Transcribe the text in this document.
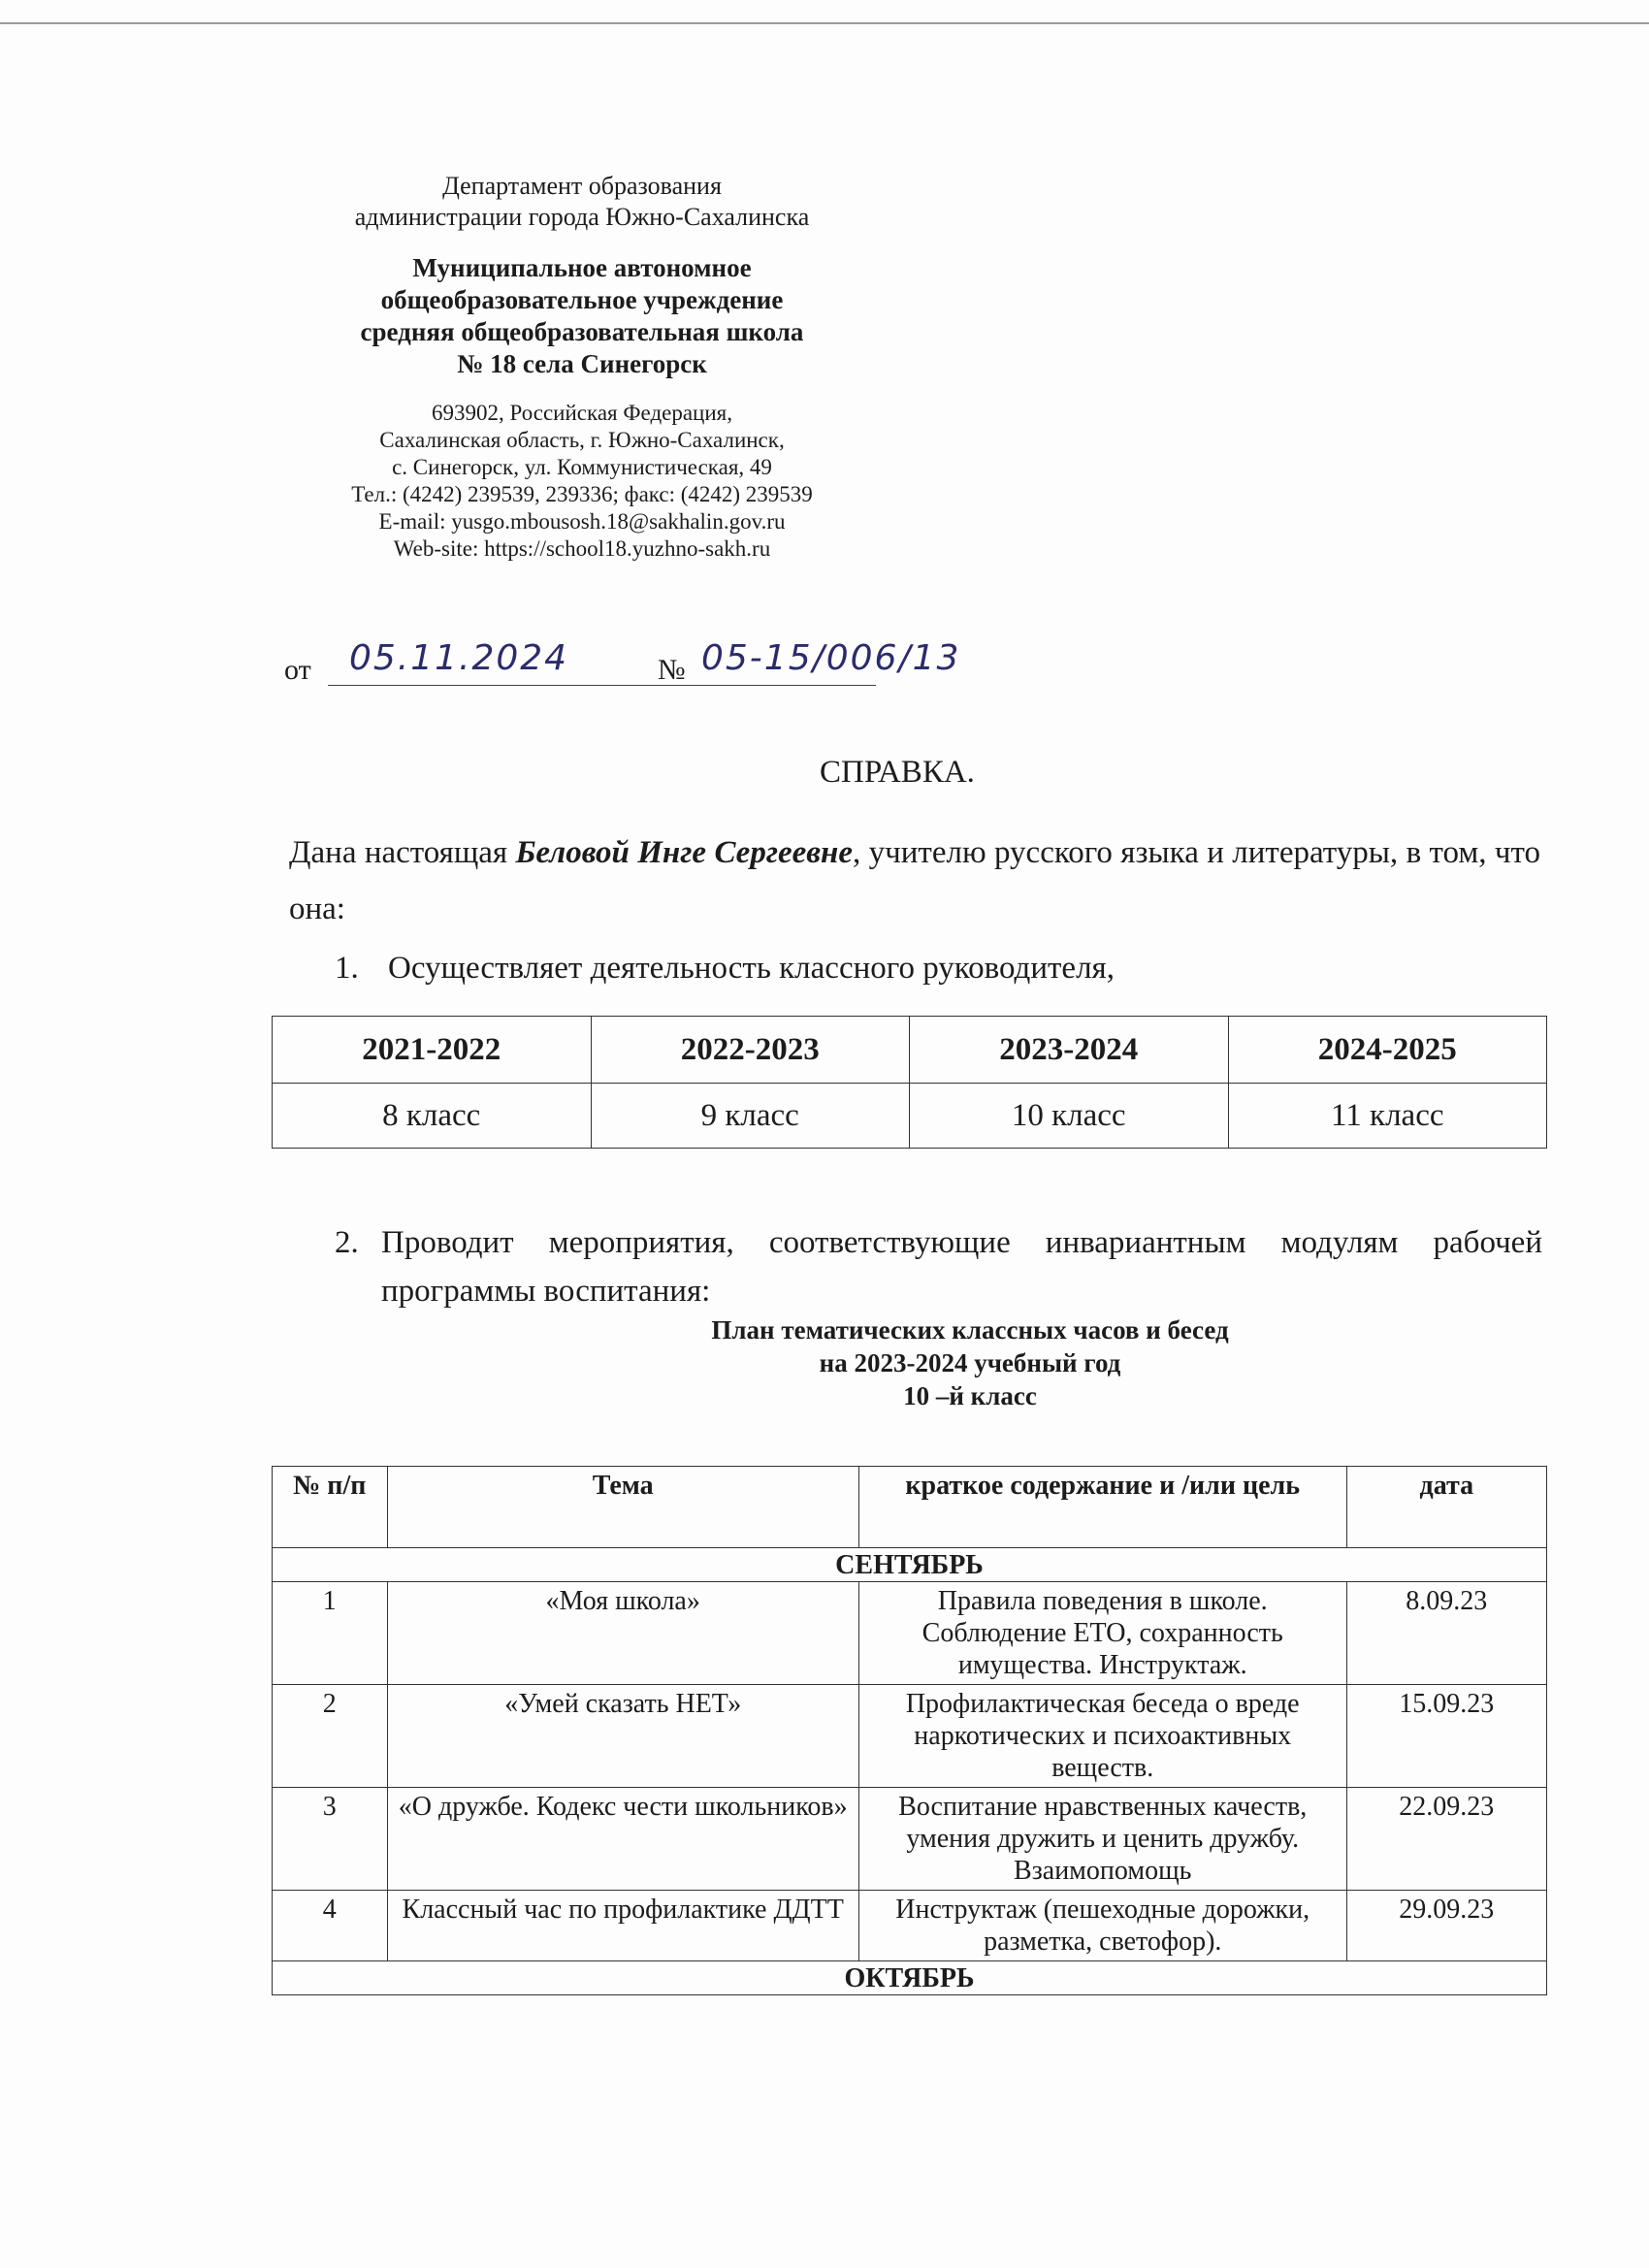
Департамент образования
администрации города Южно-Сахалинска
Муниципальное автономное
общеобразовательное учреждение
средняя общеобразовательная школа
№ 18 села Синегорск
693902, Российская Федерация,
Сахалинская область, г. Южно-Сахалинск,
с. Синегорск, ул. Коммунистическая, 49
Тел.: (4242) 239539, 239336; факс: (4242) 239539
E-mail: yusgo.mbousosh.18@sakhalin.gov.ru
Web-site: https://school18.yuzhno-sakh.ru
от	05.11.2024	№ 05-15/006/13
СПРАВКА.
Дана настоящая Беловой Инге Сергеевне, учителю русского языка и литературы, в том, что она:
1. Осуществляет деятельность классного руководителя,
2021-2022	2022-2023	2023-2024	2024-2025
8 класс	9 класс	10 класс	11 класс
2. Проводит мероприятия, соответствующие инвариантным модулям рабочей программы воспитания:
План тематических классных часов и бесед
на 2023-2024 учебный год
10 –й класс
№ п/п	Тема	краткое содержание и /или цель	дата
СЕНТЯБРЬ			
1	«Моя школа»	Правила поведения в школе. Соблюдение ЕТО, сохранность имущества. Инструктаж.	8.09.23
2	«Умей сказать НЕТ»	Профилактическая беседа о вреде наркотических и психоактивных веществ.	15.09.23
3	«О дружбе. Кодекс чести школьников»	Воспитание нравственных качеств, умения дружить и ценить дружбу. Взаимопомощь	22.09.23
4	Классный час по профилактике ДДТТ	Инструктаж (пешеходные дорожки, разметка, светофор).	29.09.23
ОКТЯБРЬ			
